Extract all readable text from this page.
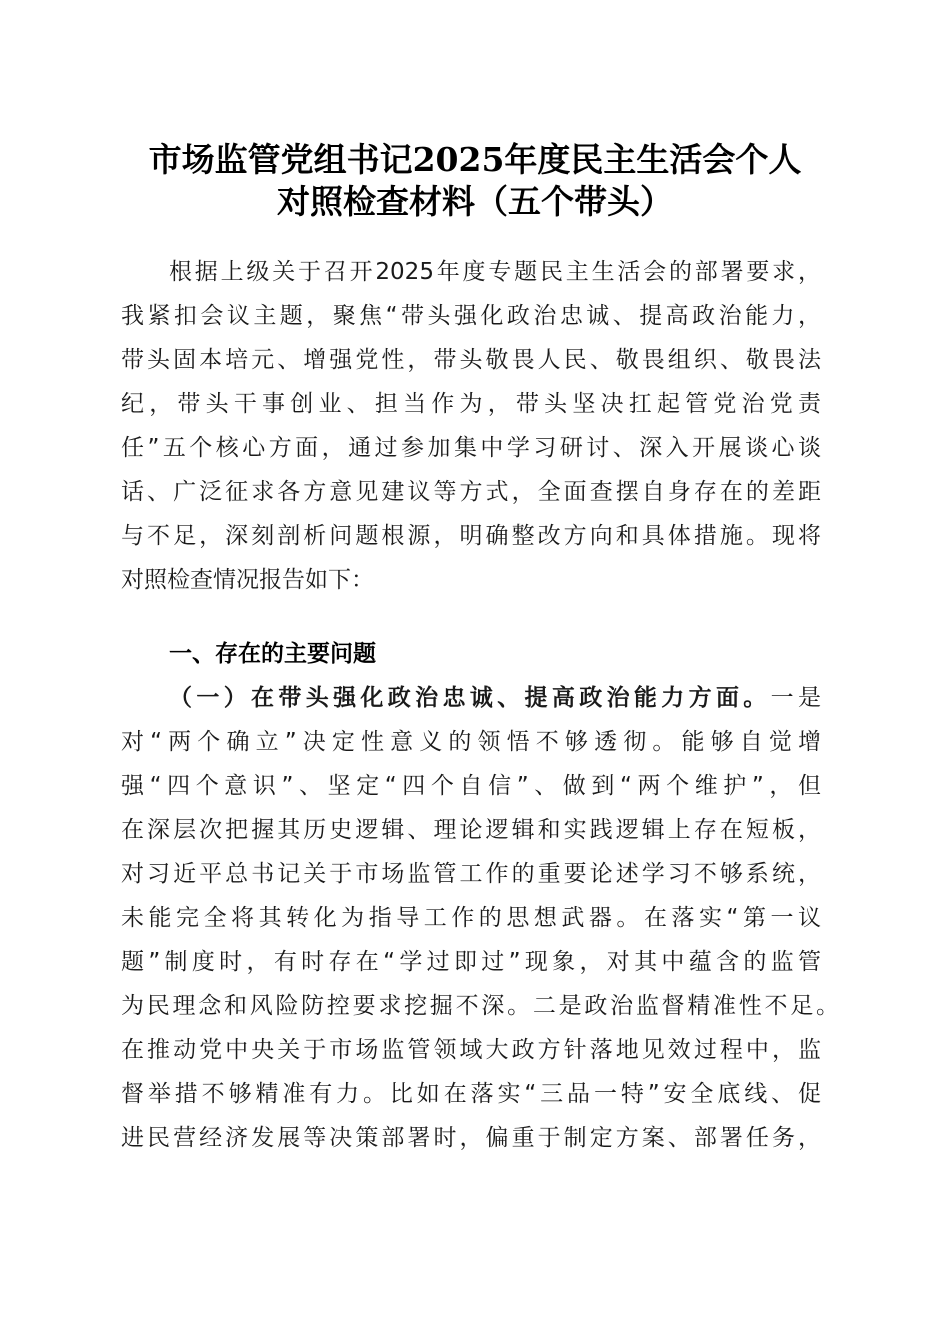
市场监管党组书记2025年度民主生活会个人
对照检查材料（五个带头）
根据上级关于召开2025年度专题民主生活会的部署要求，
我紧扣会议主题，聚焦“带头强化政治忠诚、提高政治能力，
带头固本培元、增强党性，带头敬畏人民、敬畏组织、敬畏法
纪，带头干事创业、担当作为，带头坚决扛起管党治党责
任”五个核心方面，通过参加集中学习研讨、深入开展谈心谈
话、广泛征求各方意见建议等方式，全面查摆自身存在的差距
与不足，深刻剖析问题根源，明确整改方向和具体措施。现将
对照检查情况报告如下：
一、存在的主要问题
（一）在带头强化政治忠诚、提高政治能力方面。一是
对“两个确立”决定性意义的领悟不够透彻。能够自觉增
强“四个意识”、坚定“四个自信”、做到“两个维护”，但
在深层次把握其历史逻辑、理论逻辑和实践逻辑上存在短板，
对习近平总书记关于市场监管工作的重要论述学习不够系统，
未能完全将其转化为指导工作的思想武器。在落实“第一议
题”制度时，有时存在“学过即过”现象，对其中蕴含的监管
为民理念和风险防控要求挖掘不深。二是政治监督精准性不足。
在推动党中央关于市场监管领域大政方针落地见效过程中，监
督举措不够精准有力。比如在落实“三品一特”安全底线、促
进民营经济发展等决策部署时，偏重于制定方案、部署任务，
